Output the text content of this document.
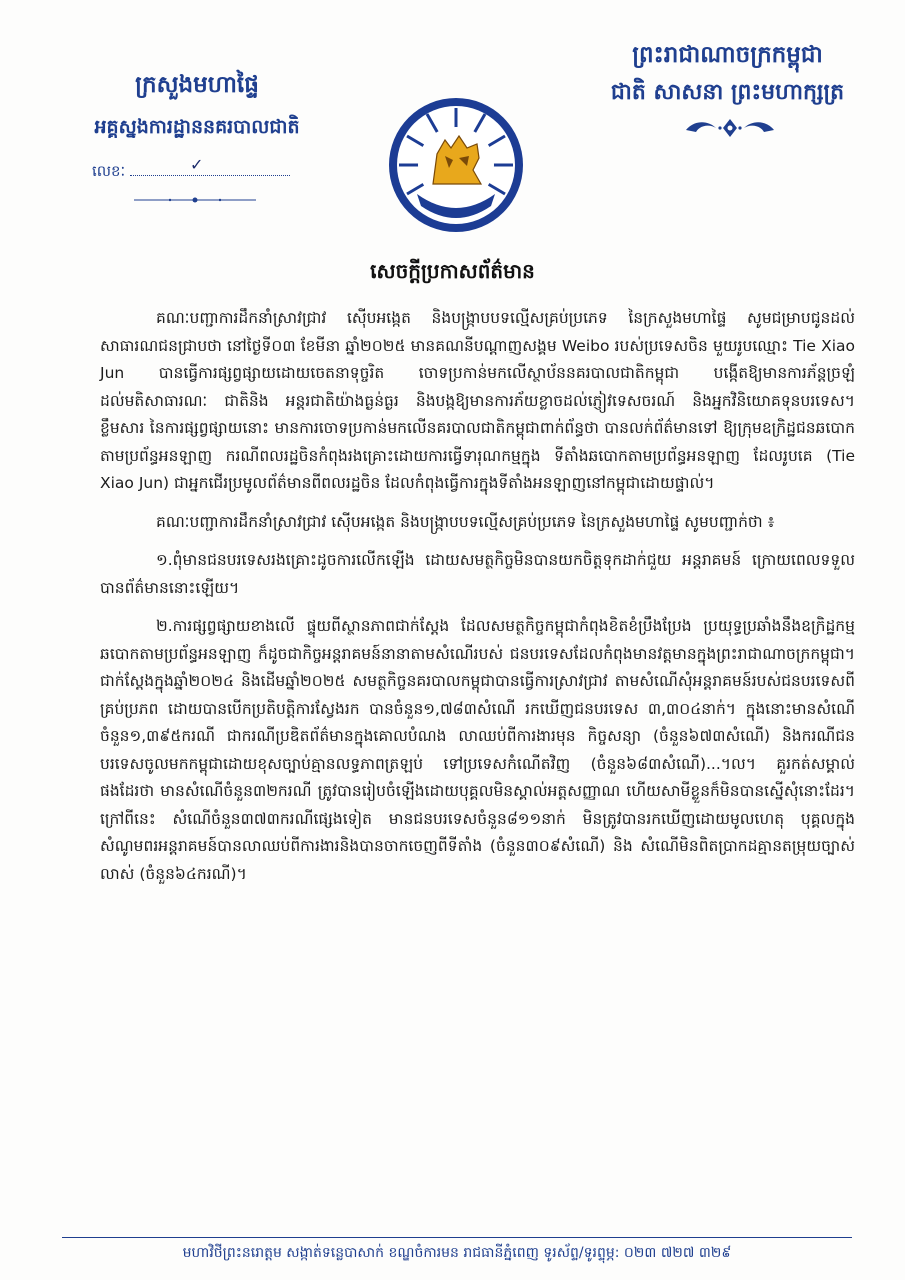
ក្រសួងមហាផ្ទៃ
អគ្គស្នងការដ្ឋាននគរបាលជាតិ
លេខៈ	✓
ព្រះរាជាណាចក្រកម្ពុជា
ជាតិ សាសនា ព្រះមហាក្សត្រ
សេចក្តីប្រកាសព័ត៌មាន

គណៈបញ្ជាការដឹកនាំស្រាវជ្រាវ ស៊ើបអង្កេត និងបង្ក្រាបបទល្មើសគ្រប់ប្រភេទ នៃក្រសួងមហាផ្ទៃ សូមជម្រាបជូនដល់សាធារណជនជ្រាបថា នៅថ្ងៃទី០៣ ខែមីនា ឆ្នាំ២០២៥ មានគណនីបណ្តាញសង្គម Weibo របស់ប្រទេសចិន មួយរូបឈ្មោះ Tie Xiao Jun បានធ្វើការផ្សព្វផ្សាយដោយចេតនាទុច្ចរិត ចោទប្រកាន់មកលើស្ថាប័ននគរបាលជាតិកម្ពុជា បង្កើតឱ្យមានការភ័ន្តច្រឡំដល់មតិសាធារណៈ ជាតិនិង អន្តរជាតិយ៉ាងធ្ងន់ធ្ងរ និងបង្កឱ្យមានការភ័យខ្លាចដល់ភ្ញៀវទេសចរណ៍ និងអ្នកវិនិយោគទុនបរទេស។ ខ្លឹមសារ នៃការផ្សព្វផ្សាយនោះ មានការចោទប្រកាន់មកលើនគរបាលជាតិកម្ពុជាពាក់ព័ន្ធថា បានលក់ព័ត៌មានទៅ ឱ្យក្រុមឧក្រិដ្ឋជនឆបោកតាមប្រព័ន្ធអនឡាញ ករណីពលរដ្ឋចិនកំពុងរងគ្រោះដោយការធ្វើទារុណកម្មក្នុង ទីតាំងឆបោកតាមប្រព័ន្ធអនឡាញ ដែលរូបគេ (Tie Xiao Jun) ជាអ្នកជើរប្រមូលព័ត៌មានពីពលរដ្ឋចិន ដែលកំពុងធ្វើការក្នុងទីតាំងអនឡាញនៅកម្ពុជាដោយផ្ទាល់។

គណៈបញ្ជាការដឹកនាំស្រាវជ្រាវ ស៊ើបអង្កេត និងបង្ក្រាបបទល្មើសគ្រប់ប្រភេទ នៃក្រសួងមហាផ្ទៃ សូមបញ្ជាក់ថា ៖

១.ពុំមានជនបរទេសរងគ្រោះដូចការលើកឡើង ដោយសមត្ថកិច្ចមិនបានយកចិត្តទុកដាក់ជួយ អន្តរាគមន៍ ក្រោយពេលទទួលបានព័ត៌មាននោះឡើយ។

២.ការផ្សព្វផ្សាយខាងលើ ផ្ទុយពីស្ថានភាពជាក់ស្តែង ដែលសមត្ថកិច្ចកម្ពុជាកំពុងខិតខំប្រឹងប្រែង ប្រយុទ្ធប្រឆាំងនឹងឧក្រិដ្ឋកម្មឆបោកតាមប្រព័ន្ធអនឡាញ ក៏ដូចជាកិច្ចអន្តរាគមន៍នានាតាមសំណើរបស់ ជនបរទេសដែលកំពុងមានវត្តមានក្នុងព្រះរាជាណាចក្រកម្ពុជា។ ជាក់ស្តែងក្នុងឆ្នាំ២០២៤ និងដើមឆ្នាំ២០២៥ សមត្ថកិច្ចនគរបាលកម្ពុជាបានធ្វើការស្រាវជ្រាវ តាមសំណើសុំអន្តរាគមន៍របស់ជនបរទេសពីគ្រប់ប្រភព ដោយបានបើកប្រតិបត្តិការស្វែងរក បានចំនួន១,៧៨៣សំណើ រកឃើញជនបរទេស ៣,៣០៤នាក់។ ក្នុងនោះមានសំណើចំនួន១,៣៩៥ករណី ជាករណីប្រឌិតព័ត៌មានក្នុងគោលបំណង លាឈប់ពីការងារមុន កិច្ចសន្យា (ចំនួន៦៧៣សំណើ) និងករណីជនបរទេសចូលមកកម្ពុជាដោយខុសច្បាប់គ្មានលទ្ធភាពត្រឡប់ ទៅប្រទេសកំណើតវិញ (ចំនួន៦៨៣សំណើ)...។ល។ គួរកត់សម្គាល់ផងដែរថា មានសំណើចំនួន៣២ករណី ត្រូវបានរៀបចំឡើងដោយបុគ្គលមិនស្គាល់អត្តសញ្ញាណ ហើយសាមីខ្លួនក៏មិនបានស្នើសុំនោះដែរ។ ក្រៅពីនេះ សំណើចំនួន៣៧៣ករណីផ្សេងទៀត មានជនបរទេសចំនួន៨១១នាក់ មិនត្រូវបានរកឃើញដោយមូលហេតុ បុគ្គលក្នុងសំណូមពរអន្តរាគមន៍បានលាឈប់ពីការងារនិងបានចាកចេញពីទីតាំង (ចំនួន៣០៩សំណើ) និង សំណើមិនពិតប្រាកដគ្មានតម្រុយច្បាស់លាស់ (ចំនួន៦៤ករណី)។

មហាវិថីព្រះនរោត្តម សង្កាត់ទន្លេបាសាក់ ខណ្ឌចំការមន រាជធានីភ្នំពេញ ទូរស័ព្ទ/ទូរព្ទុម្ភ: ០២៣ ៧២៧ ៣២៩
